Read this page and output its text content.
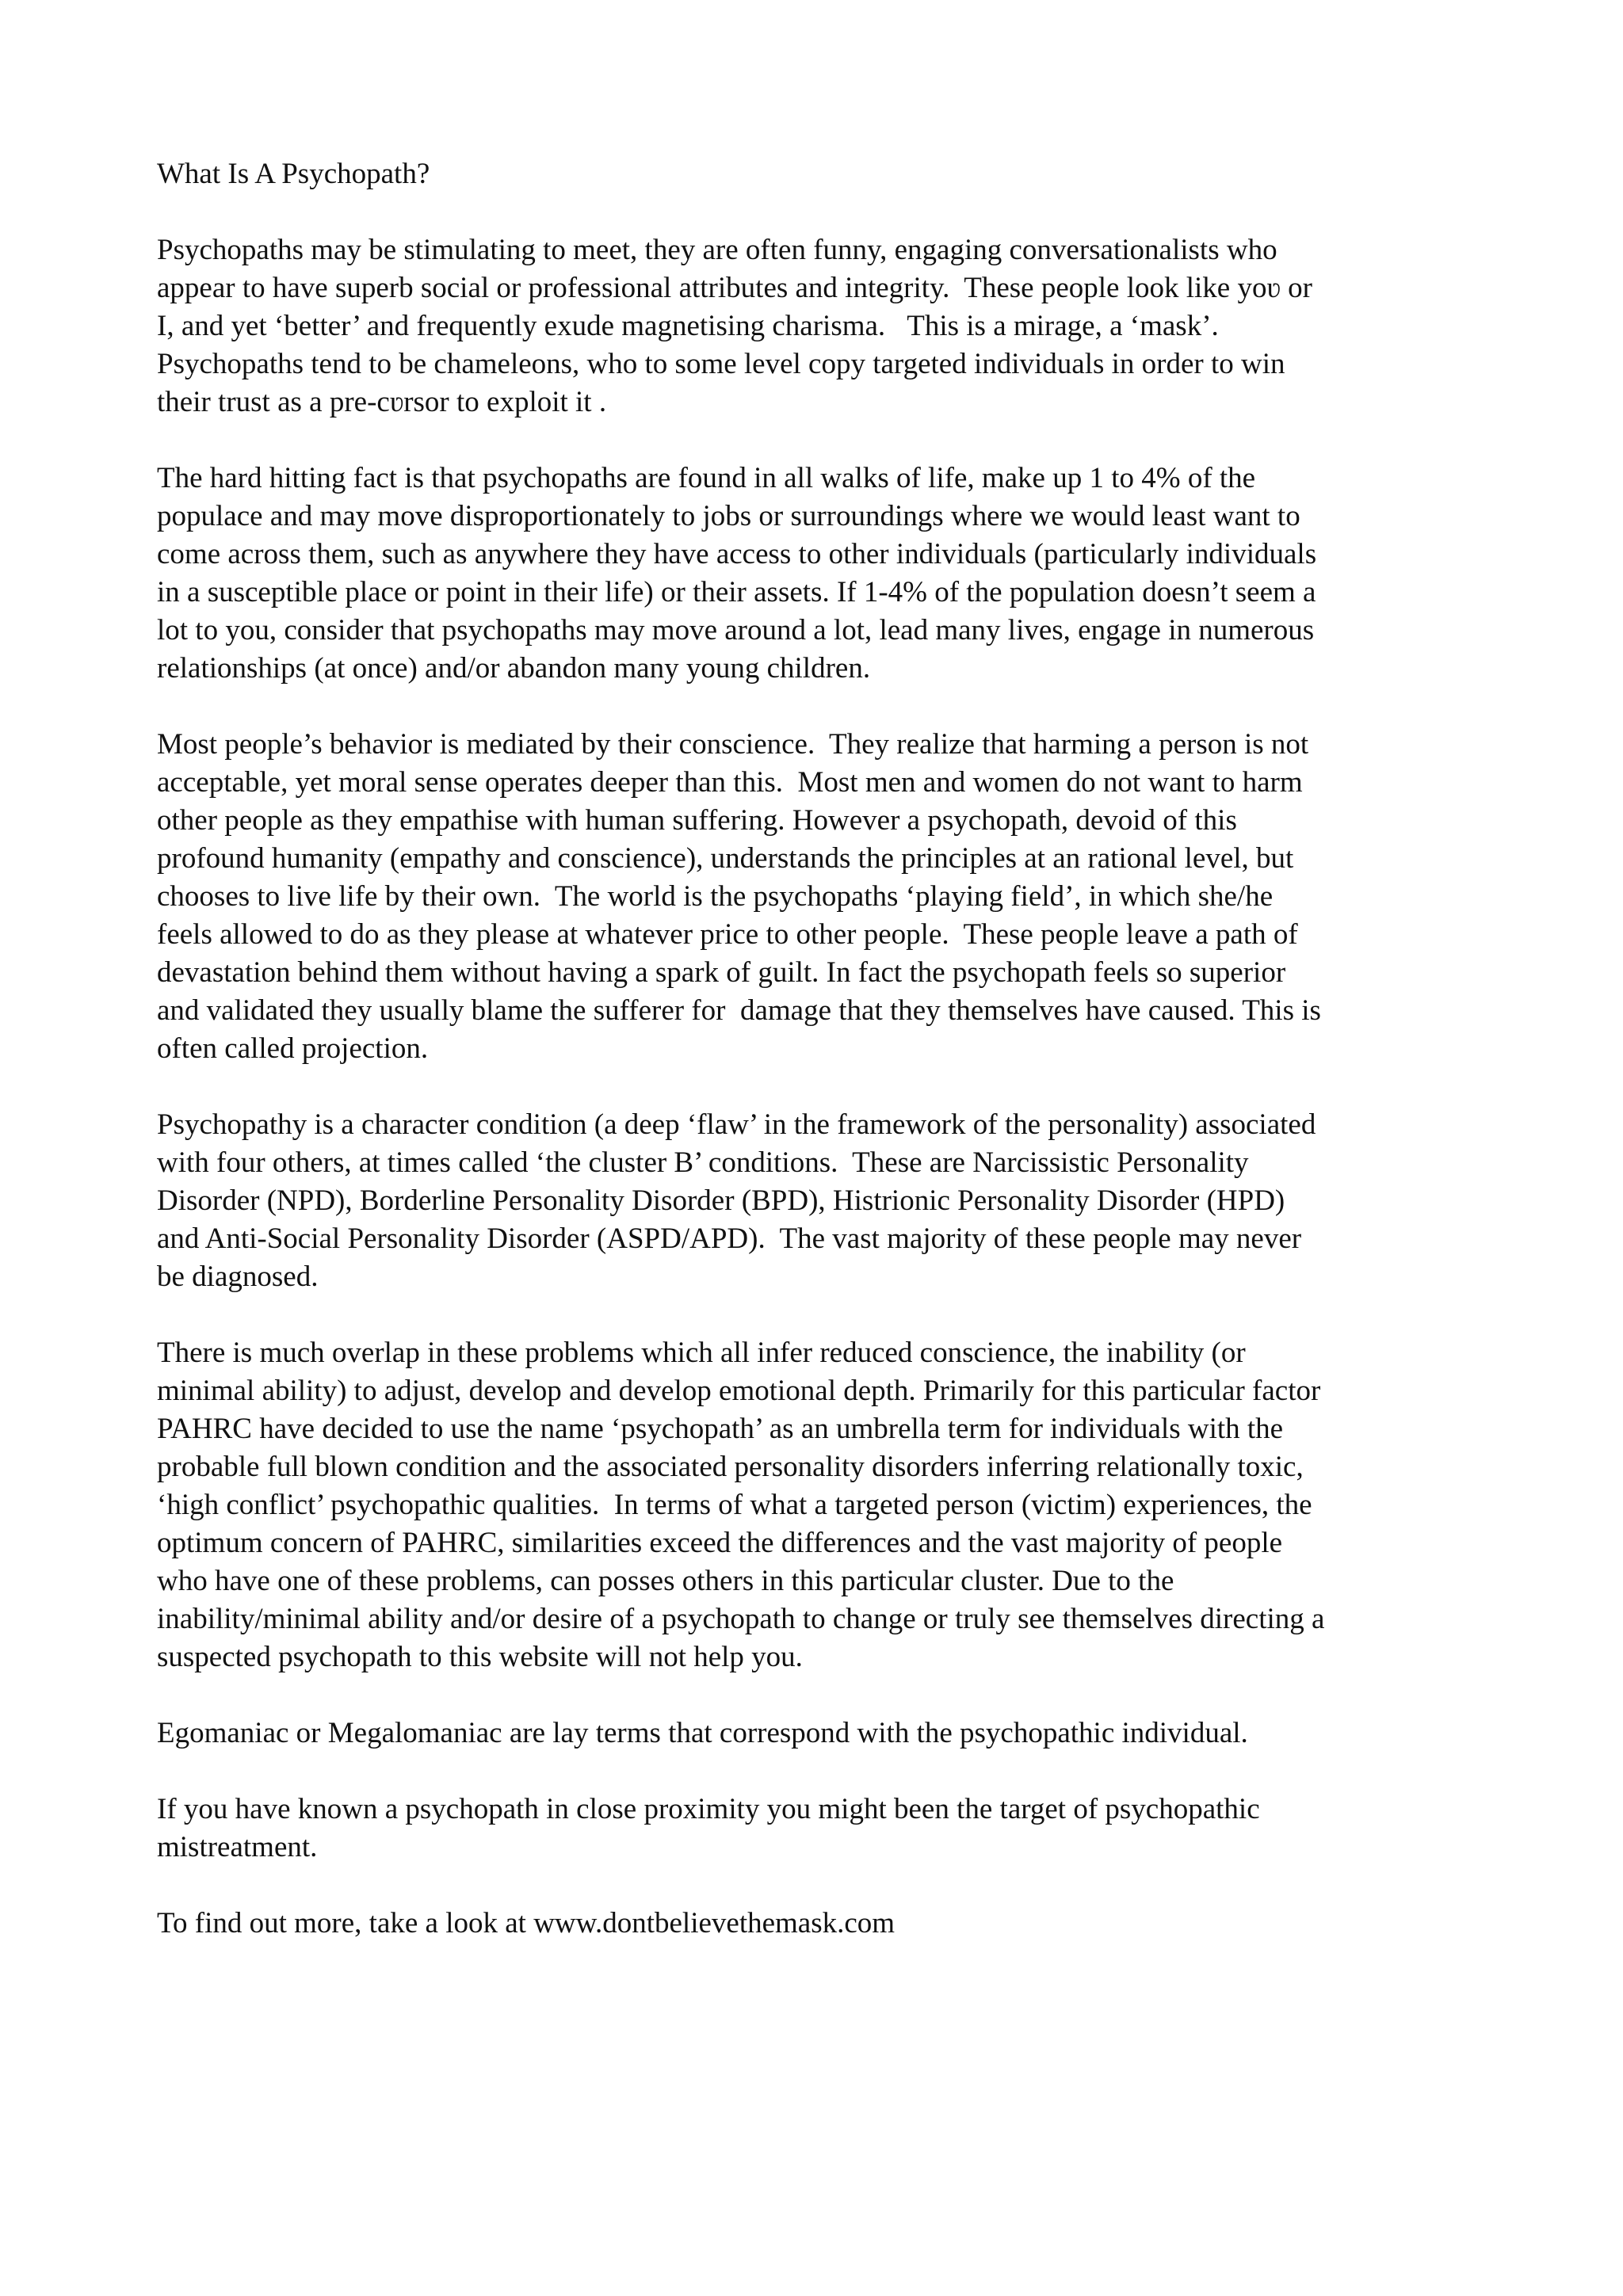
What Is A Psychopath?

Psychopaths may be stimulating to meet, they are often funny, engaging conversationalists who
appear to have superb social or professional attributes and integrity.  These people look like yoʋ or
I, and yet ‘better’ and frequently exude magnetising charisma.   This is a mirage, a ‘mask’.
Psychopaths tend to be chameleons, who to some level copy targeted individuals in order to win
their trust as a pre-cʋrsor to exploit it .

The hard hitting fact is that psychopaths are found in all walks of life, make up 1 to 4% of the
populace and may move disproportionately to jobs or surroundings where we would least want to
come across them, such as anywhere they have access to other individuals (particularly individuals
in a susceptible place or point in their life) or their assets. If 1-4% of the population doesn’t seem a
lot to you, consider that psychopaths may move around a lot, lead many lives, engage in numerous
relationships (at once) and/or abandon many young children.

Most people’s behavior is mediated by their conscience.  They realize that harming a person is not
acceptable, yet moral sense operates deeper than this.  Most men and women do not want to harm
other people as they empathise with human suffering. However a psychopath, devoid of this
profound humanity (empathy and conscience), understands the principles at an rational level, but
chooses to live life by their own.  The world is the psychopaths ‘playing field’, in which she/he
feels allowed to do as they please at whatever price to other people.  These people leave a path of
devastation behind them without having a spark of guilt. In fact the psychopath feels so superior
and validated they usually blame the sufferer for  damage that they themselves have caused. This is
often called projection.

Psychopathy is a character condition (a deep ‘flaw’ in the framework of the personality) associated
with four others, at times called ‘the cluster B’ conditions.  These are Narcissistic Personality
Disorder (NPD), Borderline Personality Disorder (BPD), Histrionic Personality Disorder (HPD)
and Anti-Social Personality Disorder (ASPD/APD).  The vast majority of these people may never
be diagnosed.

There is much overlap in these problems which all infer reduced conscience, the inability (or
minimal ability) to adjust, develop and develop emotional depth. Primarily for this particular factor
PAHRC have decided to use the name ‘psychopath’ as an umbrella term for individuals with the
probable full blown condition and the associated personality disorders inferring relationally toxic,
‘high conflict’ psychopathic qualities.  In terms of what a targeted person (victim) experiences, the
optimum concern of PAHRC, similarities exceed the differences and the vast majority of people
who have one of these problems, can posses others in this particular cluster. Due to the
inability/minimal ability and/or desire of a psychopath to change or truly see themselves directing a
suspected psychopath to this website will not help you.

Egomaniac or Megalomaniac are lay terms that correspond with the psychopathic individual.

If you have known a psychopath in close proximity you might been the target of psychopathic
mistreatment.

To find out more, take a look at www.dontbelievethemask.com
